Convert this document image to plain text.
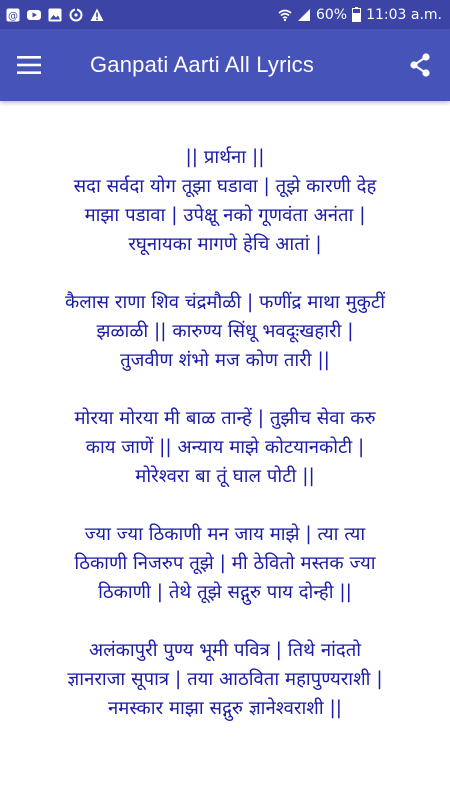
@	60% 11:03 a.m.
Ganpati Aarti All Lyrics
|| प्रार्थना ||
सदा सर्वदा योग तूझा घडावा | तूझे कारणी देह
माझा पडावा | उपेक्षू नको गूणवंता अनंता |
रघूनायका मागणे हेचि आतां |
कैलास राणा शिव चंद्रमौळी | फणींद्र माथा मुकुटीं
झळाळी || कारुण्य सिंधू भवदूःखहारी |
तुजवीण शंभो मज कोण तारी ||
मोरया मोरया मी बाळ तान्हें | तुझीच सेवा करु
काय जाणें || अन्याय माझे कोटयानकोटी |
मोरेश्वरा बा तूं घाल पोटी ||
ज्या ज्या ठिकाणी मन जाय माझे | त्या त्या
ठिकाणी निजरुप तूझे | मी ठेवितो मस्तक ज्या
ठिकाणी | तेथे तूझे सद्गुरु पाय दोन्ही ||
अलंकापुरी पुण्य भूमी पवित्र | तिथे नांदतो
ज्ञानराजा सूपात्र | तया आठविता महापुण्यराशी |
नमस्कार माझा सद्गुरु ज्ञानेश्वराशी ||
